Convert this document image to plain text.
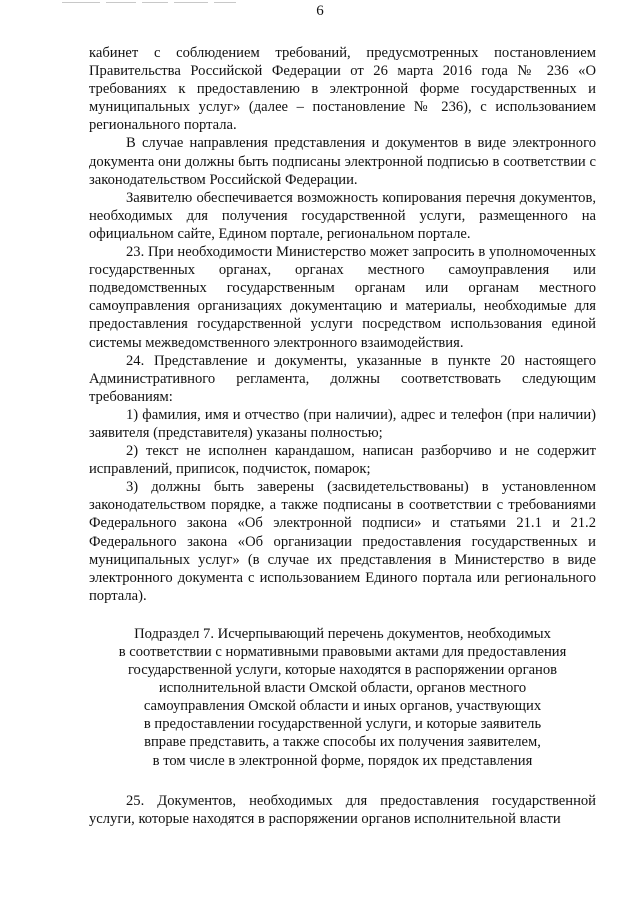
6

кабинет с соблюдением требований, предусмотренных постановлением Правительства Российской Федерации от 26 марта 2016 года № 236 «О требованиях к предоставлению в электронной форме государственных и муниципальных услуг» (далее – постановление № 236), с использованием регионального портала.

В случае направления представления и документов в виде электронного документа они должны быть подписаны электронной подписью в соответствии с законодательством Российской Федерации.

Заявителю обеспечивается возможность копирования перечня документов, необходимых для получения государственной услуги, размещенного на официальном сайте, Едином портале, региональном портале.

23. При необходимости Министерство может запросить в уполномоченных государственных органах, органах местного самоуправления или подведомственных государственным органам или органам местного самоуправления организациях документацию и материалы, необходимые для предоставления государственной услуги посредством использования единой системы межведомственного электронного взаимодействия.

24. Представление и документы, указанные в пункте 20 настоящего Административного регламента, должны соответствовать следующим требованиям:

1) фамилия, имя и отчество (при наличии), адрес и телефон (при наличии) заявителя (представителя) указаны полностью;

2) текст не исполнен карандашом, написан разборчиво и не содержит исправлений, приписок, подчисток, помарок;

3) должны быть заверены (засвидетельствованы) в установленном законодательством порядке, а также подписаны в соответствии с требованиями Федерального закона «Об электронной подписи» и статьями 21.1 и 21.2 Федерального закона «Об организации предоставления государственных и муниципальных услуг» (в случае их представления в Министерство в виде электронного документа с использованием Единого портала или регионального портала).

Подраздел 7. Исчерпывающий перечень документов, необходимых
в соответствии с нормативными правовыми актами для предоставления
государственной услуги, которые находятся в распоряжении органов
исполнительной власти Омской области, органов местного
самоуправления Омской области и иных органов, участвующих
в предоставлении государственной услуги, и которые заявитель
вправе представить, а также способы их получения заявителем,
в том числе в электронной форме, порядок их представления

25. Документов, необходимых для предоставления государственной услуги, которые находятся в распоряжении органов исполнительной власти
